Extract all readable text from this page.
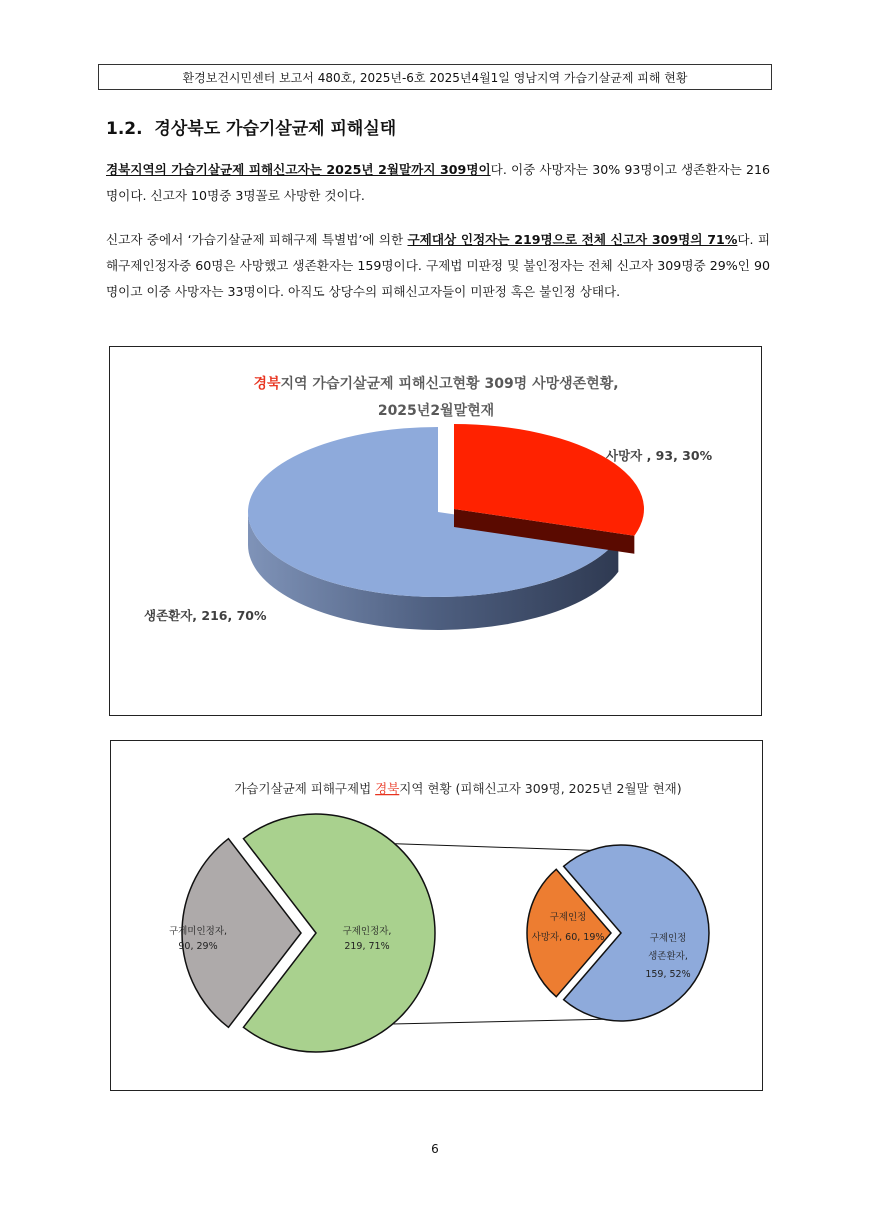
환경보건시민센터 보고서 480호, 2025년-6호 2025년4월1일 영남지역 가습기살균제 피해 현황
1.2. 경상북도 가습기살균제 피해실태
경북지역의 가습기살균제 피해신고자는 2025년 2월말까지 309명이다. 이중 사망자는 30% 93명이고 생존환자는 216명이다. 신고자 10명중 3명꼴로 사망한 것이다.
신고자 중에서 ‘가습기살균제 피해구제 특별법’에 의한 구제대상 인정자는 219명으로 전체 신고자 309명의 71%다. 피해구제인정자중 60명은 사망했고 생존환자는 159명이다. 구제법 미판정 및 불인정자는 전체 신고자 309명중 29%인 90명이고 이중 사망자는 33명이다. 아직도 상당수의 피해신고자들이 미판정 혹은 불인정 상태다.
경북지역 가습기살균제 피해신고현황 309명 사망생존현황,
2025년2월말현재
사망자 , 93, 30%
생존환자, 216, 70%
가습기살균제 피해구제법 경북지역 현황 (피해신고자 309명, 2025년 2월말 현재)
구제미인정자,
90, 29%
구제인정자,
219, 71%
구제인정
사망자, 60, 19%	구제인정
생존환자,
159, 52%
6
